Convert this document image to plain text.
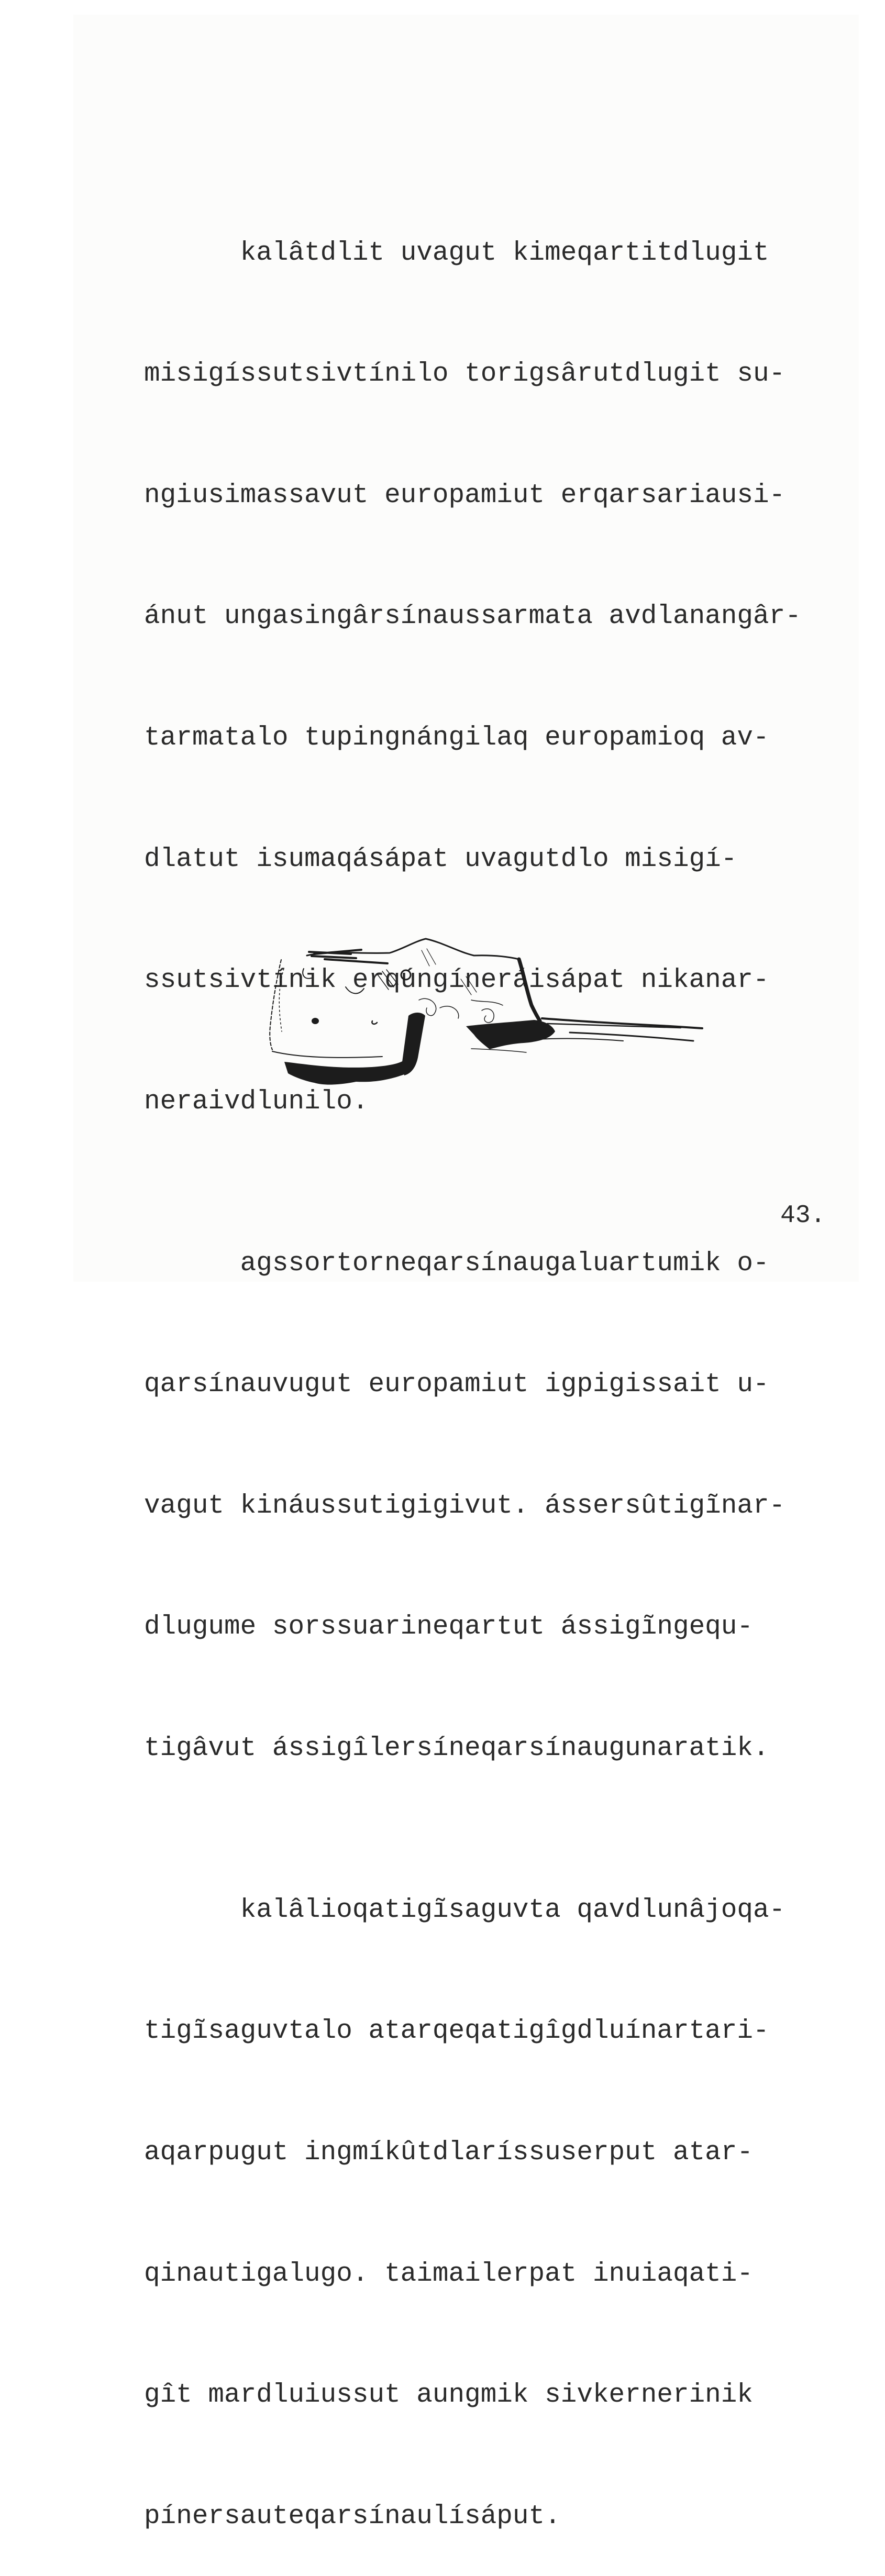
kalâtdlit uvagut kimeqartitdlugit

misigíssutsivtínilo torigsârutdlugit su-

ngiusimassavut europamiut erqarsariausi-

ánut ungasingârsínaussarmata avdlanangâr-

tarmatalo tupingnángilaq europamioq av-

dlatut isumaqásápat uvagutdlo misigí-

ssutsivtínik erqúngíneráisápat nikanar-

neraivdlunilo.

agssortorneqarsínaugaluartumik o-

qarsínauvugut europamiut igpigissait u-

vagut kináussutigigivut. ássersûtigĩnar-

dlugume sorssuarineqartut ássigĩngequ-

tigâvut ássigîlersíneqarsínaugunaratik.

kalâlioqatigĩsaguvta qavdlunâjoqa-

tigĩsaguvtalo atarqeqatigîgdluínartari-

aqarpugut ingmíkûtdlaríssuserput atar-

qinautigalugo. taimailerpat inuiaqati-

gît mardluiussut aungmik sivkernerinik

pínersauteqarsínaulísáput.

43.
